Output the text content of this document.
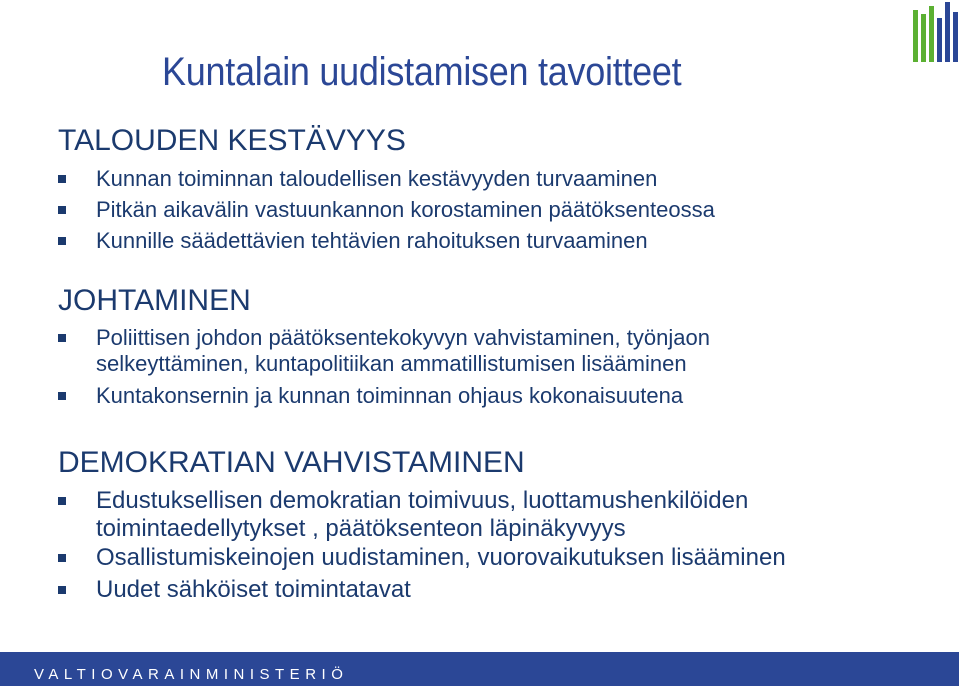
Kuntalain uudistamisen tavoitteet
TALOUDEN KESTÄVYYS
Kunnan toiminnan taloudellisen kestävyyden turvaaminen
Pitkän aikavälin vastuunkannon korostaminen päätöksenteossa
Kunnille säädettävien tehtävien rahoituksen turvaaminen
JOHTAMINEN
Poliittisen johdon päätöksentekokyvyn vahvistaminen, työnjaon
selkeyttäminen, kuntapolitiikan ammatillistumisen lisääminen
Kuntakonsernin ja kunnan toiminnan ohjaus kokonaisuutena
DEMOKRATIAN VAHVISTAMINEN
Edustuksellisen demokratian toimivuus, luottamushenkilöiden
toimintaedellytykset , päätöksenteon läpinäkyvyys
Osallistumiskeinojen uudistaminen, vuorovaikutuksen lisääminen
Uudet sähköiset toimintatavat
VALTIOVARAINMINISTERIÖ
